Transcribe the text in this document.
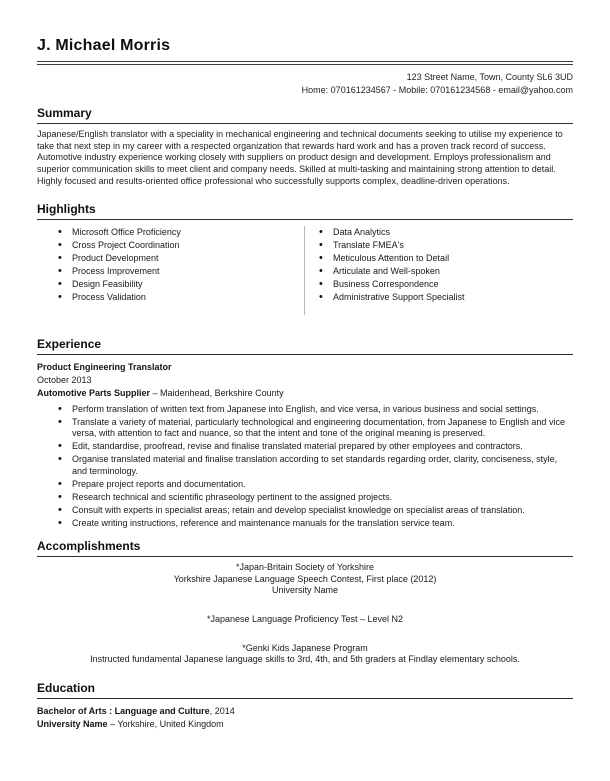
J. Michael Morris
123 Street Name, Town, County SL6 3UD
Home: 070161234567 - Mobile: 070161234568 - email@yahoo.com
Summary

Japanese/English translator with a speciality in mechanical engineering and technical documents seeking to utilise my experience to take that next step in my career with a respected organization that rewards hard work and has a proven track record of success. Automotive industry experience working closely with suppliers on product design and development. Employs professionalism and superior communication skills to meet client and company needs. Skilled at multi-tasking and maintaining strong attention to detail. Highly focused and results-oriented office professional who successfully supports complex, deadline-driven operations.

Highlights
• Microsoft Office Proficiency
• Cross Project Coordination
• Product Development
• Process Improvement
• Design Feasibility
• Process Validation
• Data Analytics
• Translate FMEA's
• Meticulous Attention to Detail
• Articulate and Well-spoken
• Business Correspondence
• Administrative Support Specialist
Experience
Product Engineering Translator
October 2013
Automotive Parts Supplier – Maidenhead, Berkshire County
• Perform translation of written text from Japanese into English, and vice versa, in various business and social settings.
• Translate a variety of material, particularly technological and engineering documentation, from Japanese to English and vice versa, with attention to fact and nuance, so that the intent and tone of the original meaning is preserved.
• Edit, standardise, proofread, revise and finalise translated material prepared by other employees and contractors.
• Organise translated material and finalise translation according to set standards regarding order, clarity, conciseness, style, and terminology.
• Prepare project reports and documentation.
• Research technical and scientific phraseology pertinent to the assigned projects.
• Consult with experts in specialist areas; retain and develop specialist knowledge on specialist areas of translation.
• Create writing instructions, reference and maintenance manuals for the translation service team.
Accomplishments
*Japan-Britain Society of Yorkshire
Yorkshire Japanese Language Speech Contest, First place (2012)
University Name
*Japanese Language Proficiency Test – Level N2
*Genki Kids Japanese Program
Instructed fundamental Japanese language skills to 3rd, 4th, and 5th graders at Findlay elementary schools.
Education
Bachelor of Arts : Language and Culture, 2014
University Name – Yorkshire, United Kingdom
